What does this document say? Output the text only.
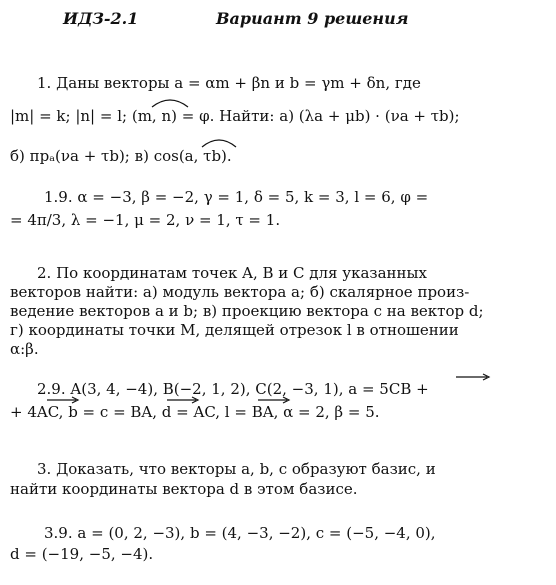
ИДЗ-2.1	Вариант 9 решения
1. Даны векторы a = αm + βn и b = γm + δn, где
|m| = k; |n| = l; (m, n) = φ. Найти: а) (λa + μb) · (νa + τb);
б) прₐ(νa + τb); в) cos(a, τb).
1.9. α = −3, β = −2, γ = 1, δ = 5, k = 3, l = 6, φ =
= 4π/3, λ = −1, μ = 2, ν = 1, τ = 1.
2. По координатам точек A, B и C для указанных
векторов найти: а) модуль вектора a; б) скалярное произ-
ведение векторов a и b; в) проекцию вектора c на вектор d;
г) координаты точки M, делящей отрезок l в отношении
α:β.
2.9. A(3, 4, −4), B(−2, 1, 2), C(2, −3, 1), a = 5CB +
+ 4AC, b = c = BA, d = AC, l = BA, α = 2, β = 5.
3. Доказать, что векторы a, b, c образуют базис, и
найти координаты вектора d в этом базисе.
3.9. a = (0, 2, −3), b = (4, −3, −2), c = (−5, −4, 0),
d = (−19, −5, −4).
